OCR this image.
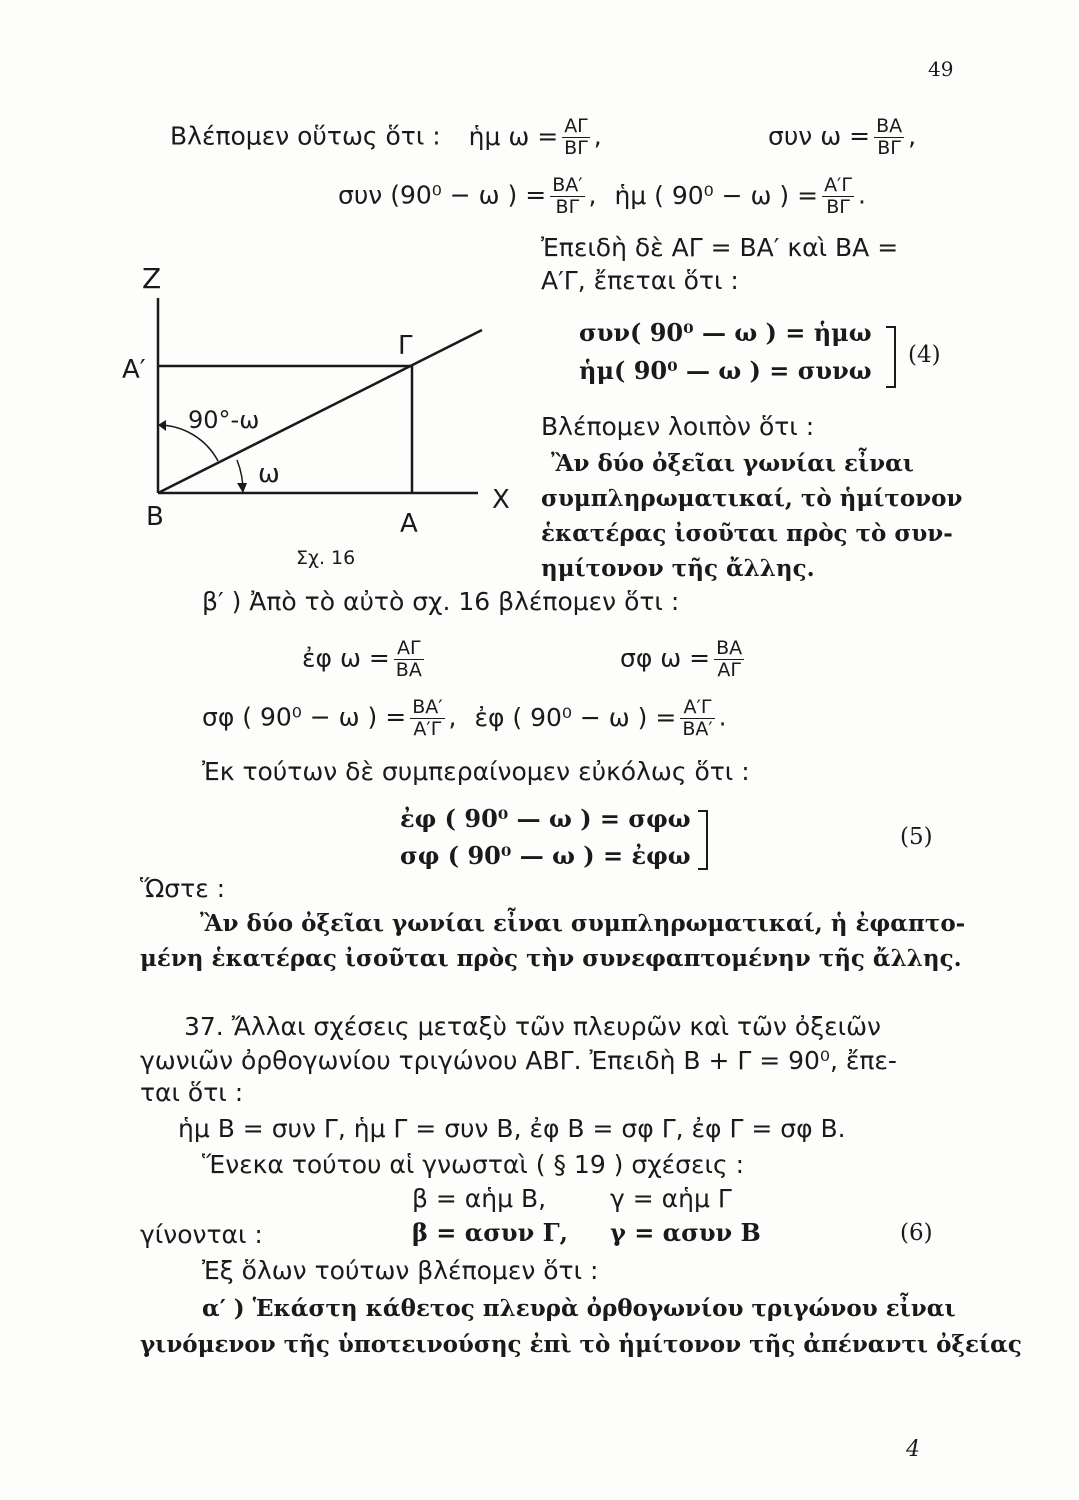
49
Βλέπομεν οὕτως ὅτι : ἡμ $\omega = \frac{A\Gamma}{B\Gamma}$ ,	συν $\omega = \frac{BA}{B\Gamma}$ ,
συν (90⁰ − ω ) = $\frac{BA'}{B\Gamma}$ , ἡμ ( 90⁰ − ω ) = $\frac{A'\Gamma}{B\Gamma}$ .
Ἐπειδὴ δὲ ΑΓ = ΒΑ′ καὶ ΒΑ =
Α′Γ, ἔπεται ὅτι :
συν( 90⁰ — ω ) = ἡμω
ἡμ( 90⁰ — ω ) = συνω
(4)
Βλέπομεν λοιπὸν ὅτι :
Ἂν δύο ὀξεῖαι γωνίαι εἶναι
συμπληρωματικαί, τὸ ἡμίτονον
ἑκατέρας ἰσοῦται πρὸς τὸ συν-
ημίτονον τῆς ἄλλης.
Z
Α′
Γ
90°-ω
ω
Β	Α
Χ
Σχ. 16
β′ ) Ἀπὸ τὸ αὐτὸ σχ. 16 βλέπομεν ὅτι :
ἐφ $\omega = \frac{A\Gamma}{BA}$	σφ $\omega = \frac{BA}{A\Gamma}$
σφ ( 90⁰ − ω ) = $\frac{BA'}{A'\Gamma}$ , ἐφ ( 90⁰ − ω ) = $\frac{A'\Gamma}{BA'}$ .
Ἐκ τούτων δὲ συμπεραίνομεν εὐκόλως ὅτι :
ἐφ ( 90⁰ — ω ) = σφω
σφ ( 90⁰ — ω ) = ἐφω
(5)
Ὥστε :
Ἂν δύο ὀξεῖαι γωνίαι εἶναι συμπληρωματικαί, ἡ ἐφαπτο-
μένη ἑκατέρας ἰσοῦται πρὸς τὴν συνεφαπτομένην τῆς ἄλλης.
37. Ἄλλαι σχέσεις μεταξὺ τῶν πλευρῶν καὶ τῶν ὀξειῶν
γωνιῶν ὀρθογωνίου τριγώνου ΑΒΓ. Ἐπειδὴ Β + Γ = 90⁰, ἔπε-
ται ὅτι :
ἡμ Β = συν Γ, ἡμ Γ = συν Β, ἐφ Β = σφ Γ, ἐφ Γ = σφ Β.
Ἕνεκα τούτου αἱ γνωσταὶ ( § 19 ) σχέσεις :
β = αἡμ Β,	γ = αἡμ Γ
γίνονται :	β = ασυν Γ, γ = ασυν Β	(6)
Ἐξ ὅλων τούτων βλέπομεν ὅτι :
α′ ) Ἑκάστη κάθετος πλευρὰ ὀρθογωνίου τριγώνου εἶναι
γινόμενον τῆς ὑποτεινούσης ἐπὶ τὸ ἡμίτονον τῆς ἀπέναντι ὀξείας
4
